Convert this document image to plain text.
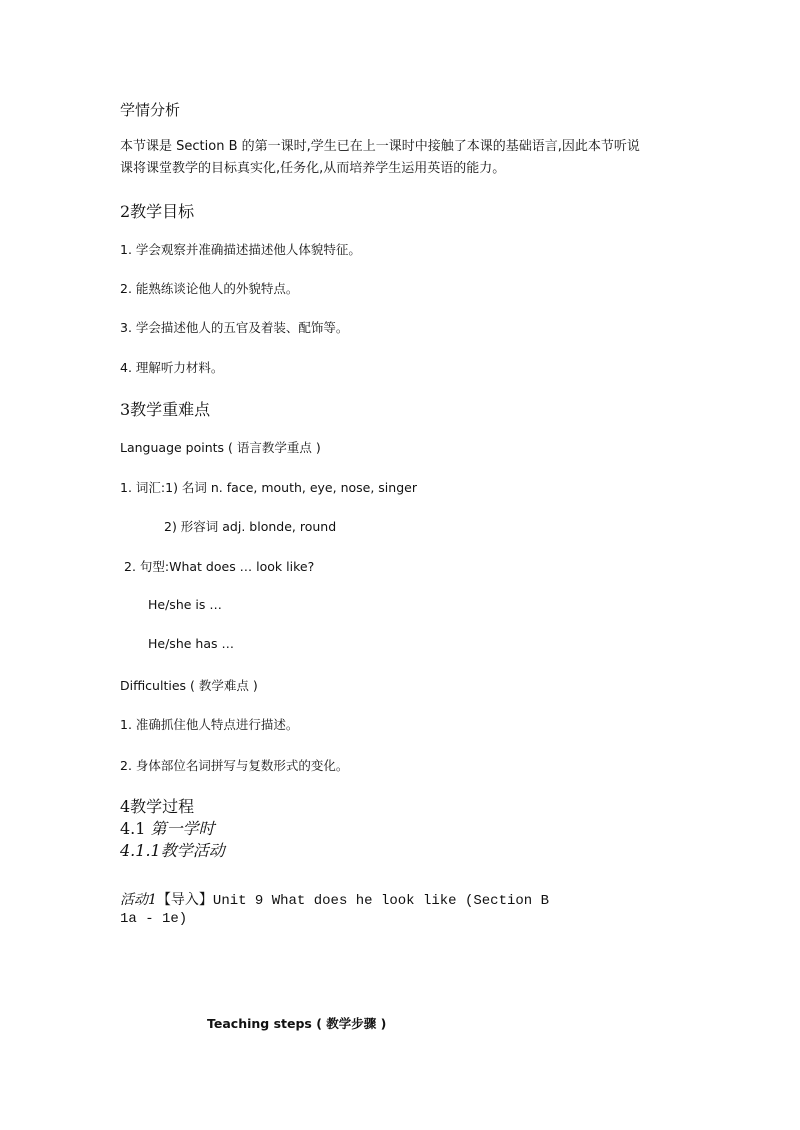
学情分析
本节课是 Section B 的第一课时,学生已在上一课时中接触了本课的基础语言,因此本节听说
课将课堂教学的目标真实化,任务化,从而培养学生运用英语的能力。
2教学目标
1. 学会观察并准确描述描述他人体貌特征。
2. 能熟练谈论他人的外貌特点。
3. 学会描述他人的五官及着装、配饰等。
4. 理解听力材料。
3教学重难点
Language points ( 语言教学重点 )
1. 词汇:1) 名词 n. face, mouth, eye, nose, singer
2) 形容词 adj. blonde, round
2. 句型:What does … look like?
He/she is …
He/she has …
Difficulties ( 教学难点 )
1. 准确抓住他人特点进行描述。
2. 身体部位名词拼写与复数形式的变化。
4教学过程
4.1 第一学时
4.1.1教学活动
活动1【导入】Unit 9 What does he look like (Section B
1a - 1e)
Teaching steps ( 教学步骤 )
